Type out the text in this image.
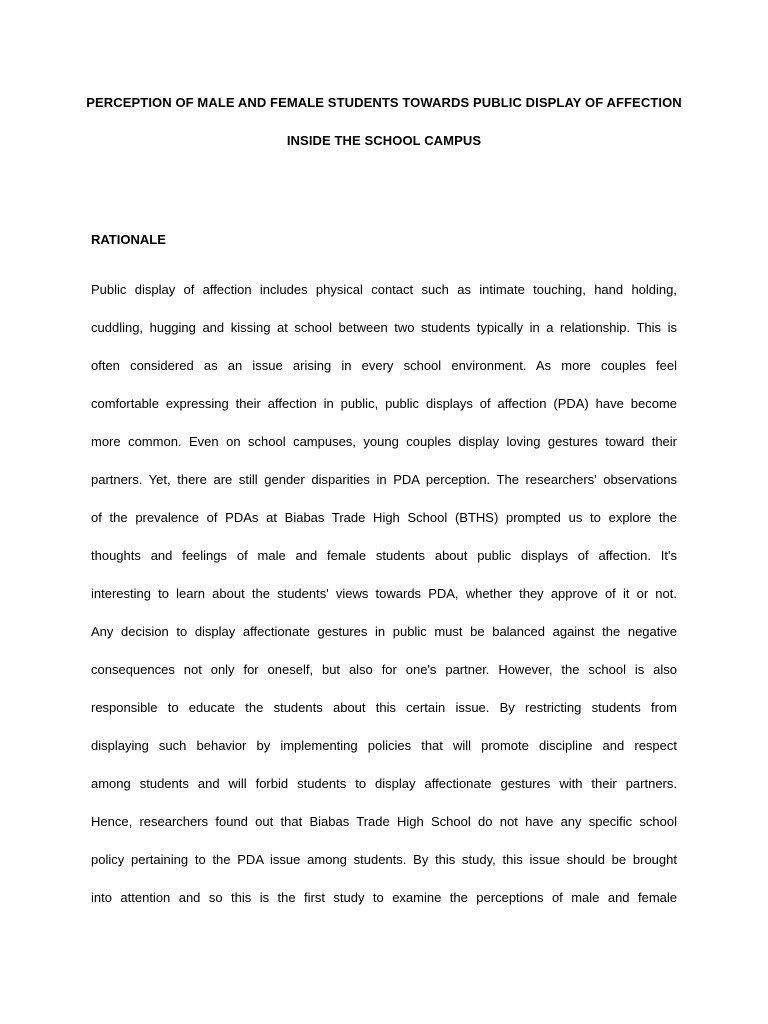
PERCEPTION OF MALE AND FEMALE STUDENTS TOWARDS PUBLIC DISPLAY OF AFFECTION
INSIDE THE SCHOOL CAMPUS
RATIONALE
Public display of affection includes physical contact such as intimate touching, hand holding,
cuddling, hugging and kissing at school between two students typically in a relationship. This is
often considered as an issue arising in every school environment. As more couples feel
comfortable expressing their affection in public, public displays of affection (PDA) have become
more common. Even on school campuses, young couples display loving gestures toward their
partners. Yet, there are still gender disparities in PDA perception. The researchers' observations
of the prevalence of PDAs at Biabas Trade High School (BTHS) prompted us to explore the
thoughts and feelings of male and female students about public displays of affection. It's
interesting to learn about the students' views towards PDA, whether they approve of it or not.
Any decision to display affectionate gestures in public must be balanced against the negative
consequences not only for oneself, but also for one's partner. However, the school is also
responsible to educate the students about this certain issue. By restricting students from
displaying such behavior by implementing policies that will promote discipline and respect
among students and will forbid students to display affectionate gestures with their partners.
Hence, researchers found out that Biabas Trade High School do not have any specific school
policy pertaining to the PDA issue among students. By this study, this issue should be brought
into attention and so this is the first study to examine the perceptions of male and female
